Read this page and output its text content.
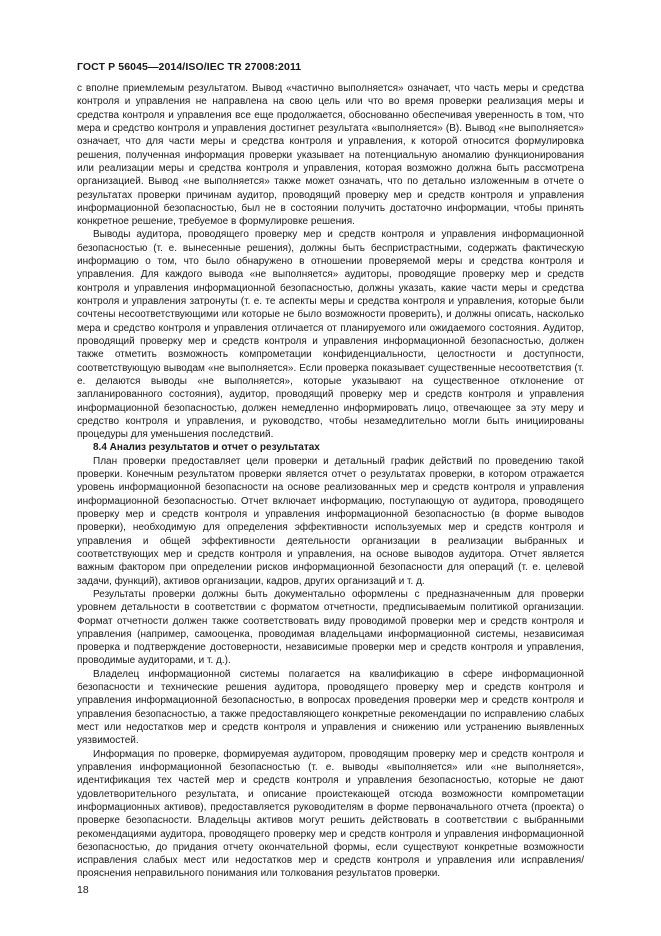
ГОСТ Р 56045—2014/ISO/IEC TR 27008:2011

с вполне приемлемым результатом. Вывод «частично выполняется» означает, что часть меры и средства контроля и управления не направлена на свою цель или что во время проверки реализация меры и средства контроля и управления все еще продолжается, обоснованно обеспечивая уверенность в том, что мера и средство контроля и управления достигнет результата «выполняется» (В). Вывод «не выполняется» означает, что для части меры и средства контроля и управления, к которой относится формулировка решения, полученная информация проверки указывает на потенциальную аномалию функционирования или реализации меры и средства контроля и управления, которая возможно должна быть рассмотрена организацией. Вывод «не выполняется» также может означать, что по детально изложенным в отчете о результатах проверки причинам аудитор, проводящий проверку мер и средств контроля и управления информационной безопасностью, был не в состоянии получить достаточно информации, чтобы принять конкретное решение, требуемое в формулировке решения.

Выводы аудитора, проводящего проверку мер и средств контроля и управления информационной безопасностью (т. е. вынесенные решения), должны быть беспристрастными, содержать фактическую информацию о том, что было обнаружено в отношении проверяемой меры и средства контроля и управления. Для каждого вывода «не выполняется» аудиторы, проводящие проверку мер и средств контроля и управления информационной безопасностью, должны указать, какие части меры и средства контроля и управления затронуты (т. е. те аспекты меры и средства контроля и управления, которые были сочтены несоответствующими или которые не было возможности проверить), и должны описать, насколько мера и средство контроля и управления отличается от планируемого или ожидаемого состояния. Аудитор, проводящий проверку мер и средств контроля и управления информационной безопасностью, должен также отметить возможность компрометации конфиденциальности, целостности и доступности, соответствующую выводам «не выполняется». Если проверка показывает существенные несоответствия (т. е. делаются выводы «не выполняется», которые указывают на существенное отклонение от запланированного состояния), аудитор, проводящий проверку мер и средств контроля и управления информационной безопасностью, должен немедленно информировать лицо, отвечающее за эту меру и средство контроля и управления, и руководство, чтобы незамедлительно могли быть инициированы процедуры для уменьшения последствий.

8.4 Анализ результатов и отчет о результатах

План проверки предоставляет цели проверки и детальный график действий по проведению такой проверки. Конечным результатом проверки является отчет о результатах проверки, в котором отражается уровень информационной безопасности на основе реализованных мер и средств контроля и управления информационной безопасностью. Отчет включает информацию, поступающую от аудитора, проводящего проверку мер и средств контроля и управления информационной безопасностью (в форме выводов проверки), необходимую для определения эффективности используемых мер и средств контроля и управления и общей эффективности деятельности организации в реализации выбранных и соответствующих мер и средств контроля и управления, на основе выводов аудитора. Отчет является важным фактором при определении рисков информационной безопасности для операций (т. е. целевой задачи, функций), активов организации, кадров, других организаций и т. д.

Результаты проверки должны быть документально оформлены с предназначенным для проверки уровнем детальности в соответствии с форматом отчетности, предписываемым политикой организации. Формат отчетности должен также соответствовать виду проводимой проверки мер и средств контроля и управления (например, самооценка, проводимая владельцами информационной системы, независимая проверка и подтверждение достоверности, независимые проверки мер и средств контроля и управления, проводимые аудиторами, и т. д.).

Владелец информационной системы полагается на квалификацию в сфере информационной безопасности и технические решения аудитора, проводящего проверку мер и средств контроля и управления информационной безопасностью, в вопросах проведения проверки мер и средств контроля и управления безопасностью, а также предоставляющего конкретные рекомендации по исправлению слабых мест или недостатков мер и средств контроля и управления и снижению или устранению выявленных уязвимостей.

Информация по проверке, формируемая аудитором, проводящим проверку мер и средств контроля и управления информационной безопасностью (т. е. выводы «выполняется» или «не выполняется», идентификация тех частей мер и средств контроля и управления безопасностью, которые не дают удовлетворительного результата, и описание проистекающей отсюда возможности компрометации информационных активов), предоставляется руководителям в форме первоначального отчета (проекта) о проверке безопасности. Владельцы активов могут решить действовать в соответствии с выбранными рекомендациями аудитора, проводящего проверку мер и средств контроля и управления информационной безопасностью, до придания отчету окончательной формы, если существуют конкретные возможности исправления слабых мест или недостатков мер и средств контроля и управления или исправления/прояснения неправильного понимания или толкования результатов проверки.

18
